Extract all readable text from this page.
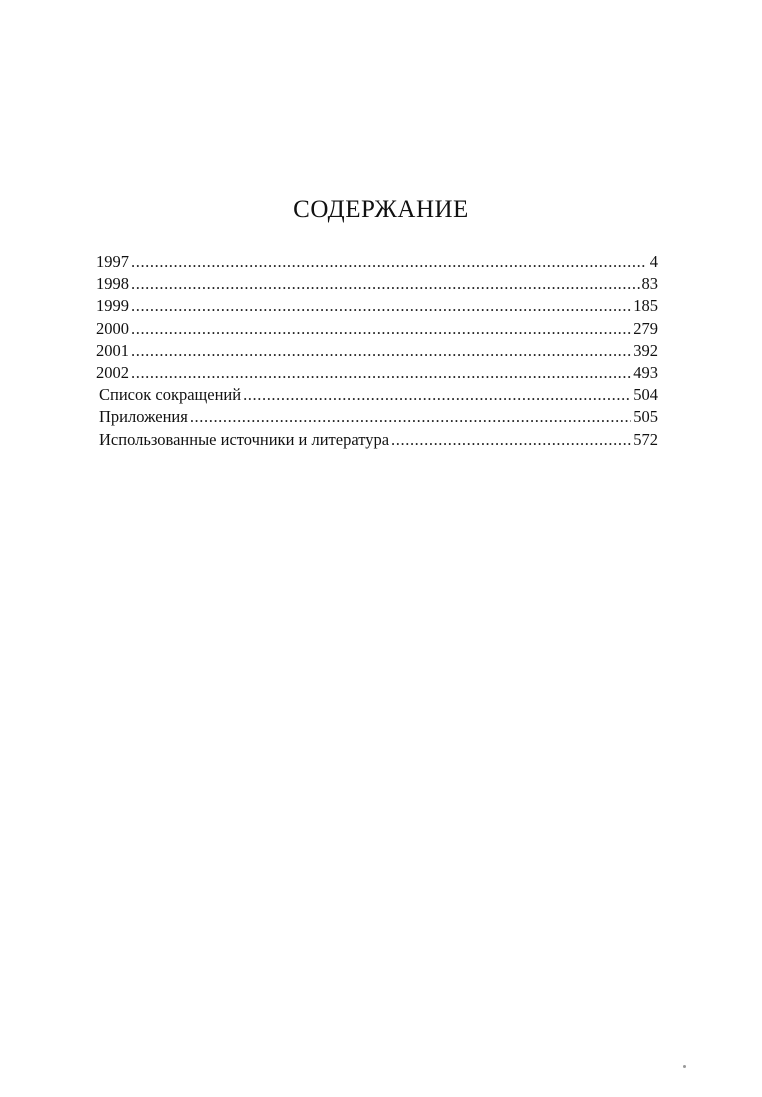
СОДЕРЖАНИЕ
1997 .....	4
1998 .....	83
1999 .....	185
2000 .....	279
2001 .....	392
2002 .....	493
Список сокращений .....	504
Приложения .....	505
Использованные источники и литература .....	572
